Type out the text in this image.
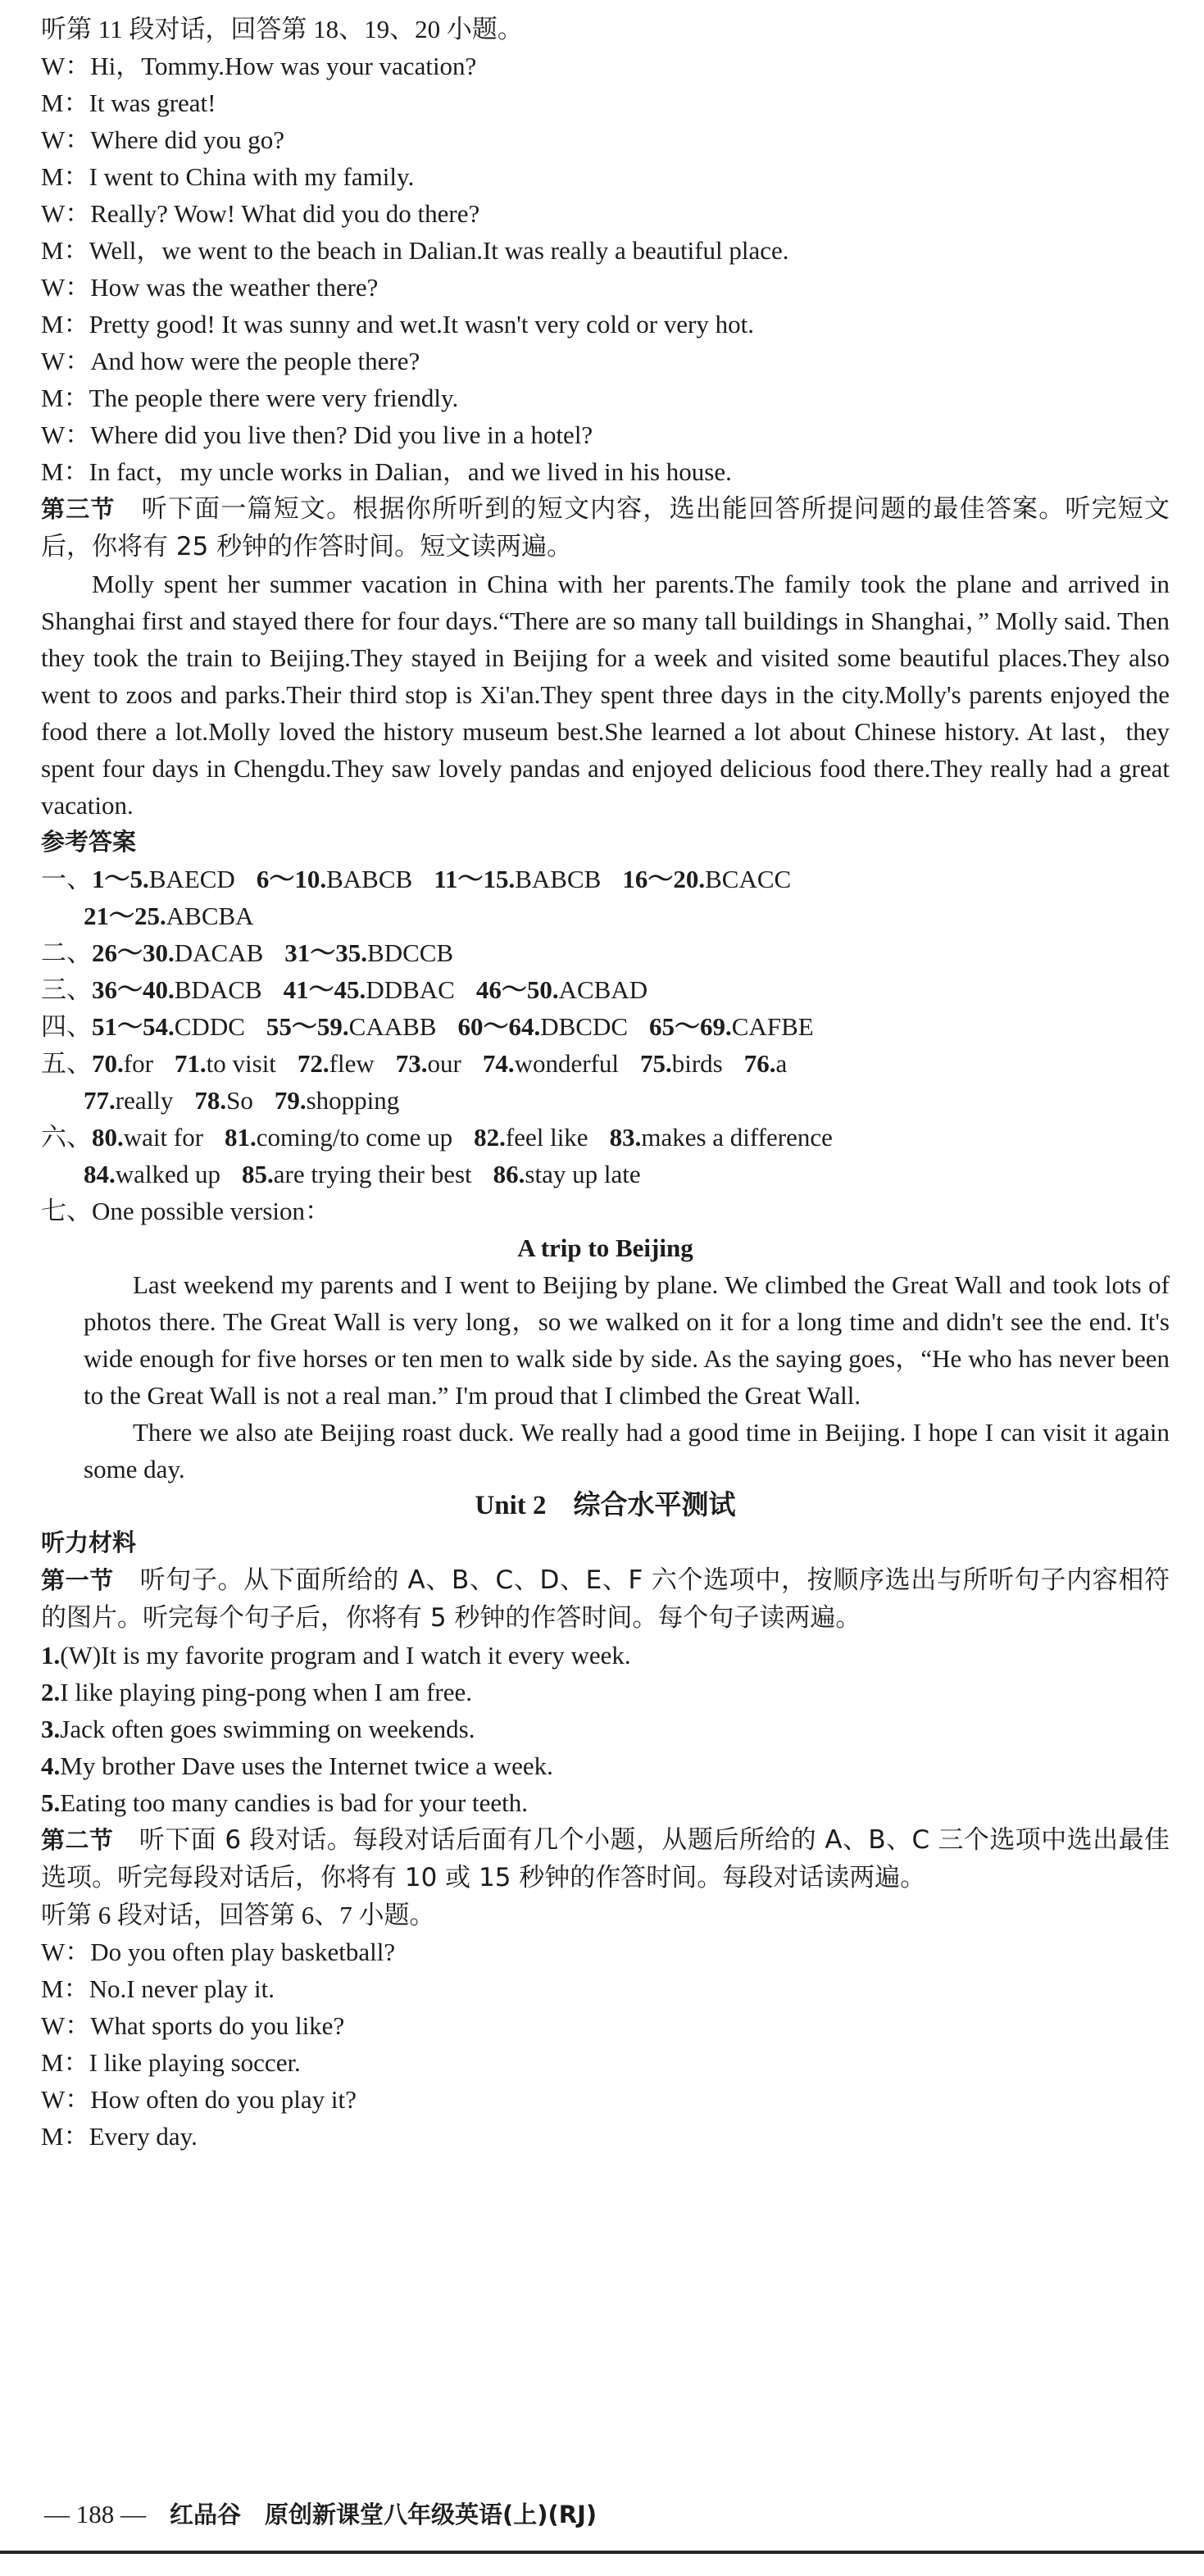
听第 11 段对话，回答第 18、19、20 小题。
W：Hi，Tommy.How was your vacation?
M：It was great!
W：Where did you go?
M：I went to China with my family.
W：Really? Wow! What did you do there?
M：Well，we went to the beach in Dalian.It was really a beautiful place.
W：How was the weather there?
M：Pretty good! It was sunny and wet.It wasn't very cold or very hot.
W：And how were the people there?
M：The people there were very friendly.
W：Where did you live then? Did you live in a hotel?
M：In fact，my uncle works in Dalian，and we lived in his house.
第三节　 听下面一篇短文。根据你所听到的短文内容，选出能回答所提问题的最佳答案。听完短文后，你将有 25 秒钟的作答时间。短文读两遍。
Molly spent her summer vacation in China with her parents.The family took the plane and arrived in Shanghai first and stayed there for four days.“There are so many tall buildings in Shanghai，” Molly said. Then they took the train to Beijing.They stayed in Beijing for a week and visited some beautiful places.They also went to zoos and parks.Their third stop is Xi'an.They spent three days in the city.Molly's parents enjoyed the food there a lot.Molly loved the history museum best.She learned a lot about Chinese history. At last，they spent four days in Chengdu.They saw lovely pandas and enjoyed delicious food there.They really had a great vacation.
参考答案
一、1～5.BAECD 6～10.BABCB 11～15.BABCB 16～20.BCACC
21～25.ABCBA
二、26～30.DACAB 31～35.BDCCB
三、36～40.BDACB 41～45.DDBAC 46～50.ACBAD
四、51～54.CDDC 55～59.CAABB 60～64.DBCDC 65～69.CAFBE
五、70.for 71.to visit 72.flew 73.our 74.wonderful 75.birds 76.a
77.really 78.So 79.shopping
六、80.wait for 81.coming/to come up 82.feel like 83.makes a difference
84.walked up 85.are trying their best 86.stay up late
七、One possible version：
A trip to Beijing
Last weekend my parents and I went to Beijing by plane. We climbed the Great Wall and took lots of photos there. The Great Wall is very long，so we walked on it for a long time and didn't see the end. It's wide enough for five horses or ten men to walk side by side. As the saying goes，“He who has never been to the Great Wall is not a real man.” I'm proud that I climbed the Great Wall.
There we also ate Beijing roast duck. We really had a good time in Beijing. I hope I can visit it again some day.
Unit 2　综合水平测试
听力材料
第一节　 听句子。从下面所给的 A、B、C、D、E、F 六个选项中，按顺序选出与所听句子内容相符的图片。听完每个句子后，你将有 5 秒钟的作答时间。每个句子读两遍。
1.(W)It is my favorite program and I watch it every week.
2.I like playing ping-pong when I am free.
3.Jack often goes swimming on weekends.
4.My brother Dave uses the Internet twice a week.
5.Eating too many candies is bad for your teeth.
第二节　 听下面 6 段对话。每段对话后面有几个小题，从题后所给的 A、B、C 三个选项中选出最佳选项。听完每段对话后，你将有 10 或 15 秒钟的作答时间。每段对话读两遍。
听第 6 段对话，回答第 6、7 小题。
W：Do you often play basketball?
M：No.I never play it.
W：What sports do you like?
M：I like playing soccer.
W：How often do you play it?
M：Every day.
— 188 —　 红品谷　原创新课堂八年级英语(上)(RJ)
